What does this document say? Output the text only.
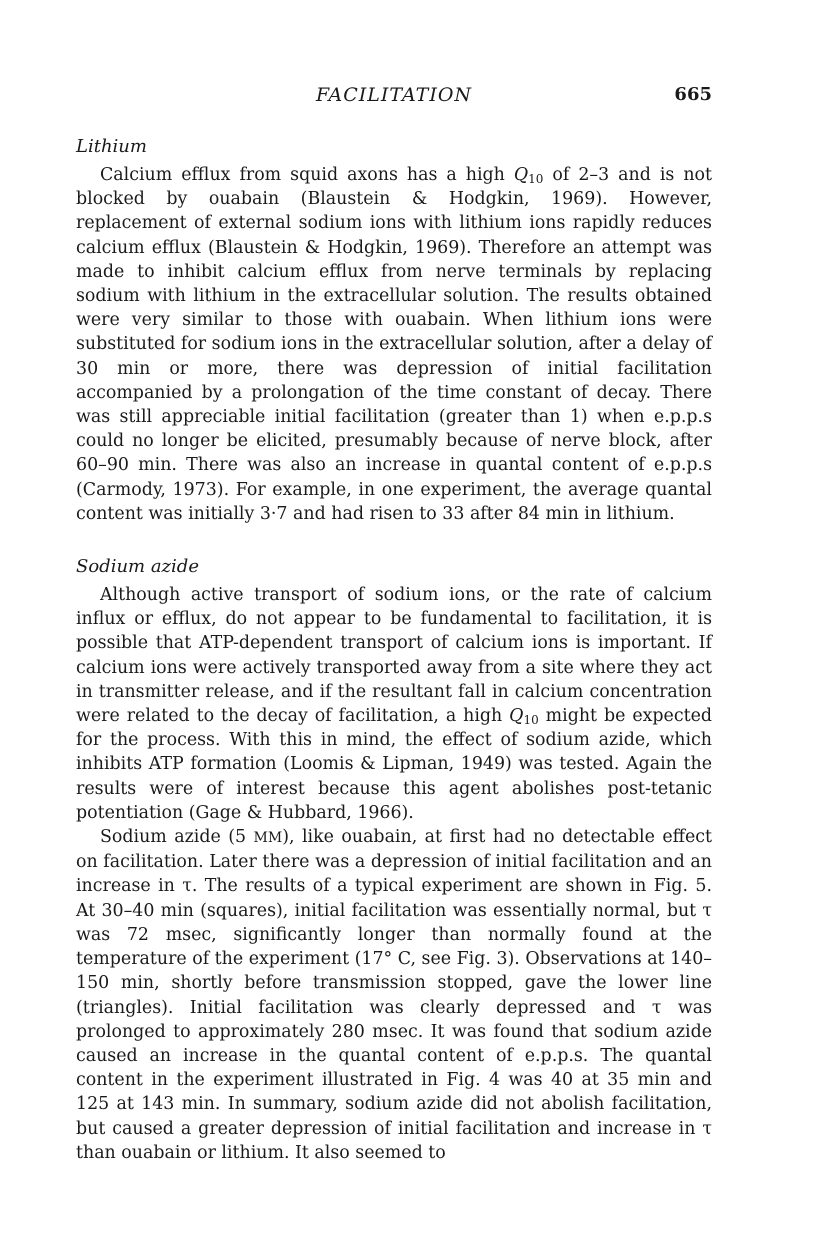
FACILITATION	665
Lithium

Calcium efflux from squid axons has a high $Q_{10}$ of 2–3 and is not blocked by ouabain (Blaustein & Hodgkin, 1969). However, replacement of external sodium ions with lithium ions rapidly reduces calcium efflux (Blaustein & Hodgkin, 1969). Therefore an attempt was made to inhibit calcium efflux from nerve terminals by replacing sodium with lithium in the extracellular solution. The results obtained were very similar to those with ouabain. When lithium ions were substituted for sodium ions in the extracellular solution, after a delay of 30 min or more, there was depression of initial facilitation accompanied by a prolongation of the time constant of decay. There was still appreciable initial facilitation (greater than 1) when e.p.p.s could no longer be elicited, presumably because of nerve block, after 60–90 min. There was also an increase in quantal content of e.p.p.s (Carmody, 1973). For example, in one experiment, the average quantal content was initially 3·7 and had risen to 33 after 84 min in lithium.

Sodium azide

Although active transport of sodium ions, or the rate of calcium influx or efflux, do not appear to be fundamental to facilitation, it is possible that ATP-dependent transport of calcium ions is important. If calcium ions were actively transported away from a site where they act in transmitter release, and if the resultant fall in calcium concentration were related to the decay of facilitation, a high $Q_{10}$ might be expected for the process. With this in mind, the effect of sodium azide, which inhibits ATP formation (Loomis & Lipman, 1949) was tested. Again the results were of interest because this agent abolishes post-tetanic potentiation (Gage & Hubbard, 1966).

Sodium azide (5 MM), like ouabain, at first had no detectable effect on facilitation. Later there was a depression of initial facilitation and an increase in τ. The results of a typical experiment are shown in Fig. 5. At 30–40 min (squares), initial facilitation was essentially normal, but τ was 72 msec, significantly longer than normally found at the temperature of the experiment (17° C, see Fig. 3). Observations at 140–150 min, shortly before transmission stopped, gave the lower line (triangles). Initial facilitation was clearly depressed and τ was prolonged to approximately 280 msec. It was found that sodium azide caused an increase in the quantal content of e.p.p.s. The quantal content in the experiment illustrated in Fig. 4 was 40 at 35 min and 125 at 143 min. In summary, sodium azide did not abolish facilitation, but caused a greater depression of initial facilitation and increase in τ than ouabain or lithium. It also seemed to
